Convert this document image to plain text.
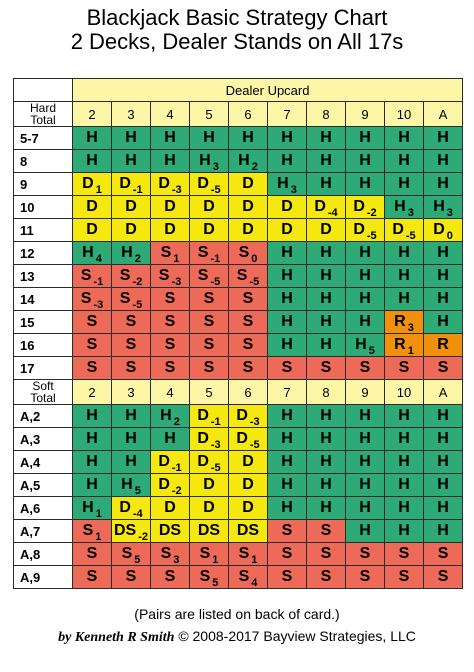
Blackjack Basic Strategy Chart
2 Decks, Dealer Stands on All 17s
	Dealer Upcard									

Hard
Total	2	3	4	5	6	7	8	9	10	A
5-7	H	H	H	H	H	H	H	H	H	H
8	H	H	H	H $_3$	H $_2$	H	H	H	H	H
9	D $_1$	D $_{-1}$	D $_{-3}$	D $_{-5}$	D	H $_3$	H	H	H	H
10	D	D	D	D	D	D	D $_{-4}$	D $_{-2}$	H $_3$	H $_3$
11	D	D	D	D	D	D	D	D $_{-5}$	D $_{-5}$	D $_0$
12	H $_4$	H $_2$	S $_1$	S $_{-1}$	S $_0$	H	H	H	H	H
13	S $_{-1}$	S $_{-2}$	S $_{-3}$	S $_{-5}$	S $_{-5}$	H	H	H	H	H
14	S $_{-3}$	S $_{-5}$	S	S	S	H	H	H	H	H
15	S	S	S	S	S	H	H	H	R $_3$	H
16	S	S	S	S	S	H	H	H $_5$	R $_1$	R
17	S	S	S	S	S	S	S	S	S	S

Soft
Total	2	3	4	5	6	7	8	9	10	A
A,2	H	H	H $_2$	D $_{-1}$	D $_{-3}$	H	H	H	H	H
A,3	H	H	H	D $_{-3}$	D $_{-5}$	H	H	H	H	H
A,4	H	H	D $_{-1}$	D $_{-5}$	D	H	H	H	H	H
A,5	H	H $_5$	D $_{-2}$	D	D	H	H	H	H	H
A,6	H $_1$	D $_{-4}$	D	D	D	H	H	H	H	H
A,7	S $_1$	DS $_{-2}$	DS	DS	DS	S	S	H	H	H
A,8	S	S $_5$	S $_3$	S $_1$	S $_1$	S	S	S	S	S
A,9	S	S	S	S $_5$	S $_4$	S	S	S	S	S
(Pairs are listed on back of card.)
by Kenneth R Smith © 2008-2017 Bayview Strategies, LLC
